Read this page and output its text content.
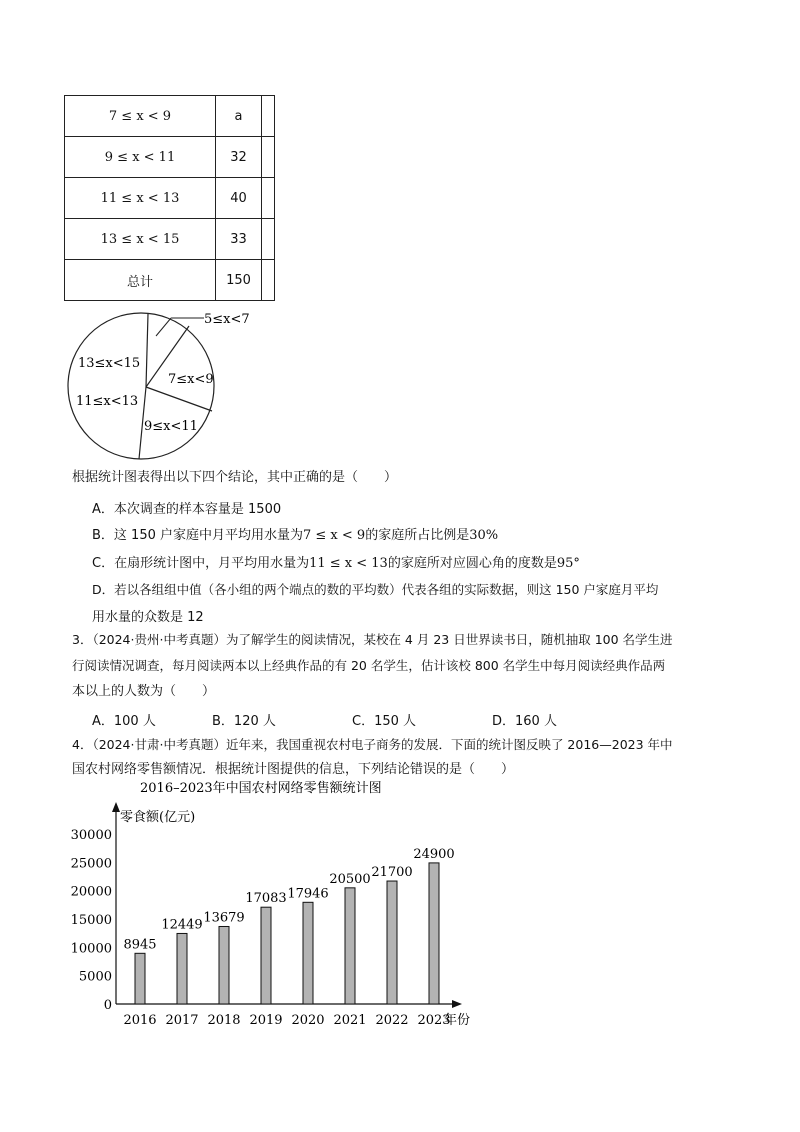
7 ≤ x < 9	a	
9 ≤ x < 11	32	
11 ≤ x < 13	40	
13 ≤ x < 15	33	
总计	150	
5≤x<7
13≤x<15
7≤x<9
11≤x<13
9≤x<11
根据统计图表得出以下四个结论，其中正确的是（　　）
A．本次调查的样本容量是 1500
B．这 150 户家庭中月平均用水量为7 ≤ x < 9的家庭所占比例是30%
C．在扇形统计图中，月平均用水量为11 ≤ x < 13的家庭所对应圆心角的度数是95°
D．若以各组组中值（各小组的两个端点的数的平均数）代表各组的实际数据，则这 150 户家庭月平均
用水量的众数是 12
3．（2024·贵州·中考真题）为了解学生的阅读情况，某校在 4 月 23 日世界读书日，随机抽取 100 名学生进
行阅读情况调查，每月阅读两本以上经典作品的有 20 名学生，估计该校 800 名学生中每月阅读经典作品两
本以上的人数为（　　）
A．100 人	B．120 人	C．150 人	D．160 人
4．（2024·甘肃·中考真题）近年来，我国重视农村电子商务的发展．下面的统计图反映了 2016—2023 年中
国农村网络零售额情况．根据统计图提供的信息，下列结论错误的是（　　）
2016–2023年中国农村网络零售额统计图
零食额(亿元)
年份
0
5000
10000
15000
20000
25000
30000
8945
2016
12449
2017
13679
2018
17083
2019
17946
2020
20500
2021
21700
2022
24900
2023
